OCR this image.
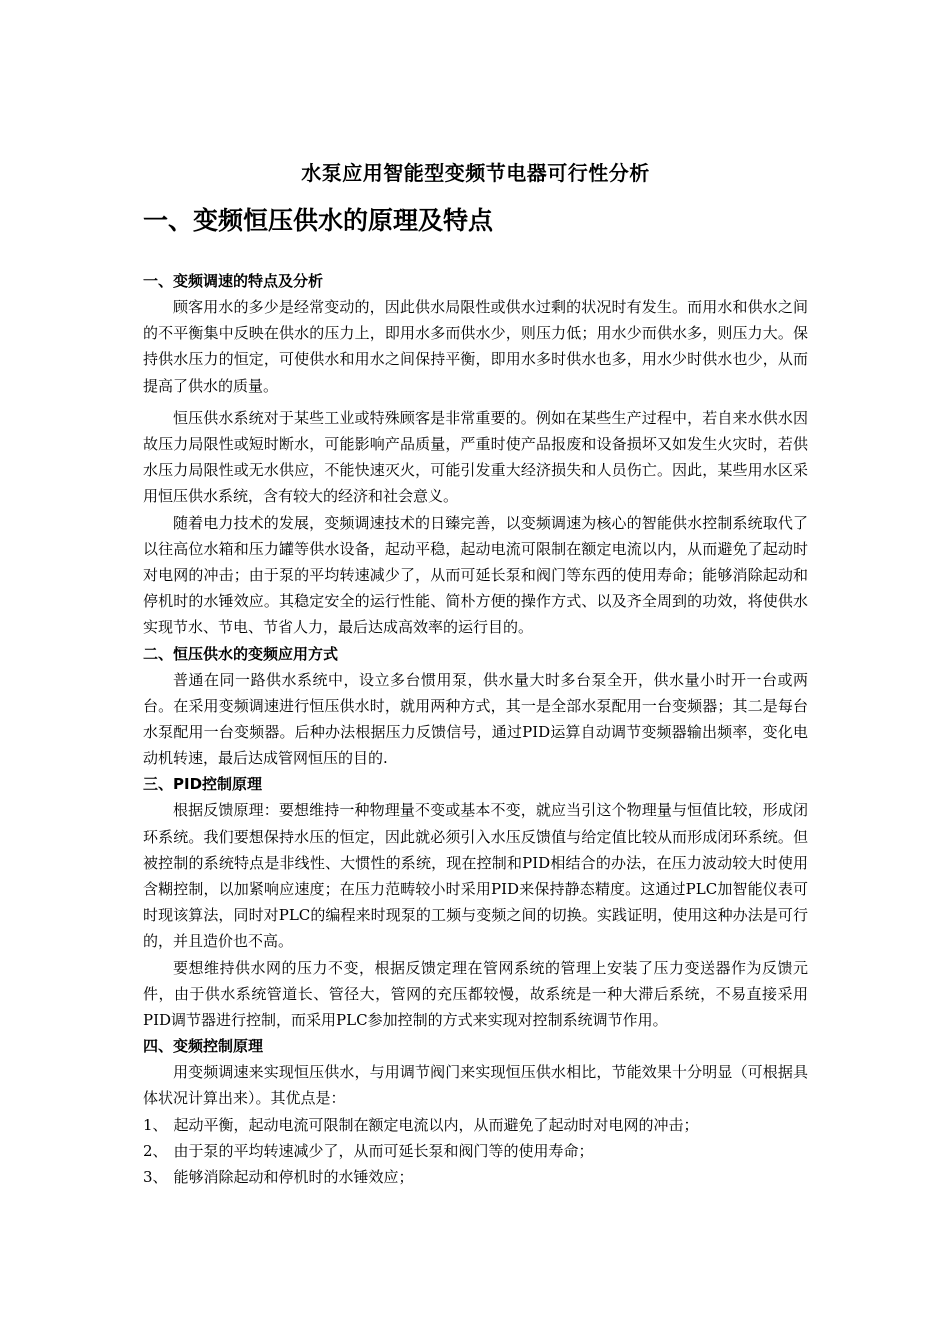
水泵应用智能型变频节电器可行性分析
一、变频恒压供水的原理及特点
一、变频调速的特点及分析

顾客用水的多少是经常变动的，因此供水局限性或供水过剩的状况时有发生。而用水和供水之间的不平衡集中反映在供水的压力上，即用水多而供水少，则压力低；用水少而供水多，则压力大。保持供水压力的恒定，可使供水和用水之间保持平衡，即用水多时供水也多，用水少时供水也少，从而提高了供水的质量。

恒压供水系统对于某些工业或特殊顾客是非常重要的。例如在某些生产过程中，若自来水供水因故压力局限性或短时断水，可能影响产品质量，严重时使产品报废和设备损坏又如发生火灾时，若供水压力局限性或无水供应，不能快速灭火，可能引发重大经济损失和人员伤亡。因此，某些用水区采用恒压供水系统，含有较大的经济和社会意义。

随着电力技术的发展，变频调速技术的日臻完善，以变频调速为核心的智能供水控制系统取代了以往高位水箱和压力罐等供水设备，起动平稳，起动电流可限制在额定电流以内，从而避免了起动时对电网的冲击；由于泵的平均转速减少了，从而可延长泵和阀门等东西的使用寿命；能够消除起动和停机时的水锤效应。其稳定安全的运行性能、简朴方便的操作方式、以及齐全周到的功效，将使供水实现节水、节电、节省人力，最后达成高效率的运行目的。

二、恒压供水的变频应用方式

普通在同一路供水系统中，设立多台惯用泵，供水量大时多台泵全开，供水量小时开一台或两台。在采用变频调速进行恒压供水时，就用两种方式，其一是全部水泵配用一台变频器；其二是每台水泵配用一台变频器。后种办法根据压力反馈信号，通过PID运算自动调节变频器输出频率，变化电动机转速，最后达成管网恒压的目的.

三、PID控制原理

根据反馈原理：要想维持一种物理量不变或基本不变，就应当引这个物理量与恒值比较，形成闭环系统。我们要想保持水压的恒定，因此就必须引入水压反馈值与给定值比较从而形成闭环系统。但被控制的系统特点是非线性、大惯性的系统，现在控制和PID相结合的办法，在压力波动较大时使用含糊控制，以加紧响应速度；在压力范畴较小时采用PID来保持静态精度。这通过PLC加智能仪表可时现该算法，同时对PLC的编程来时现泵的工频与变频之间的切换。实践证明，使用这种办法是可行的，并且造价也不高。

要想维持供水网的压力不变，根据反馈定理在管网系统的管理上安装了压力变送器作为反馈元件，由于供水系统管道长、管径大，管网的充压都较慢，故系统是一种大滞后系统，不易直接采用PID调节器进行控制，而采用PLC参加控制的方式来实现对控制系统调节作用。

四、变频控制原理

用变频调速来实现恒压供水，与用调节阀门来实现恒压供水相比，节能效果十分明显（可根据具体状况计算出来）。其优点是：

1、 起动平衡，起动电流可限制在额定电流以内，从而避免了起动时对电网的冲击；
2、 由于泵的平均转速减少了，从而可延长泵和阀门等的使用寿命；
3、 能够消除起动和停机时的水锤效应；
